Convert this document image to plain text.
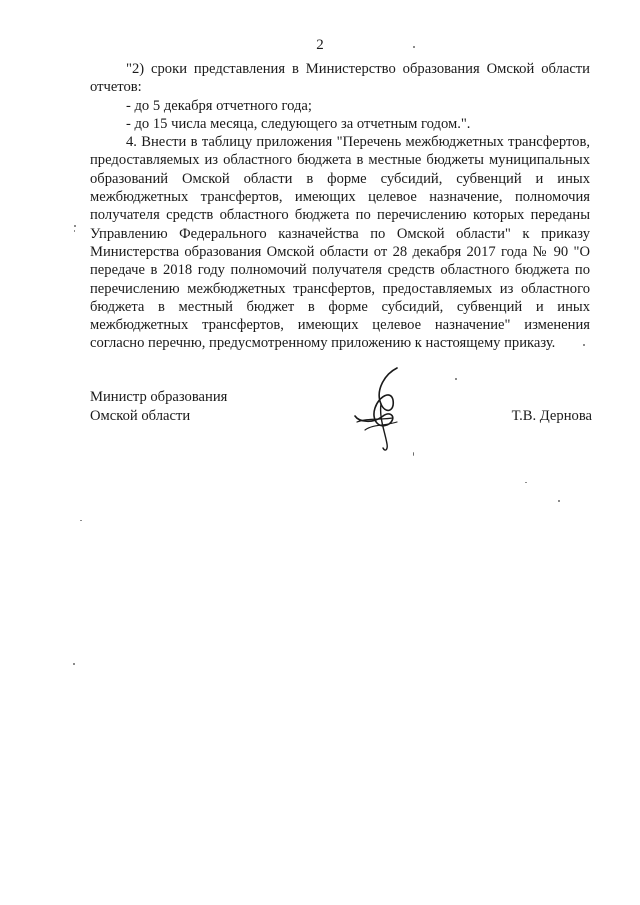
2

"2) сроки представления в Министерство образования Омской области отчетов:

- до 5 декабря отчетного года;

- до 15 числа месяца, следующего за отчетным годом.".

4. Внести в таблицу приложения "Перечень межбюджетных трансфертов, предоставляемых из областного бюджета в местные бюджеты муниципальных образований Омской области в форме субсидий, субвенций и иных межбюджетных трансфертов, имеющих целевое назначение, полномочия получателя средств областного бюджета по перечислению которых переданы Управлению Федерального казначейства по Омской области" к приказу Министерства образования Омской области от 28 декабря 2017 года № 90 "О передаче в 2018 году полномочий получателя средств областного бюджета по перечислению межбюджетных трансфертов, предоставляемых из областного бюджета в местный бюджет в форме субсидий, субвенций и иных межбюджетных трансфертов, имеющих целевое назначение" изменения согласно перечню, предусмотренному приложению к настоящему приказу.

Министр образования
Омской области	Т.В. Дернова
